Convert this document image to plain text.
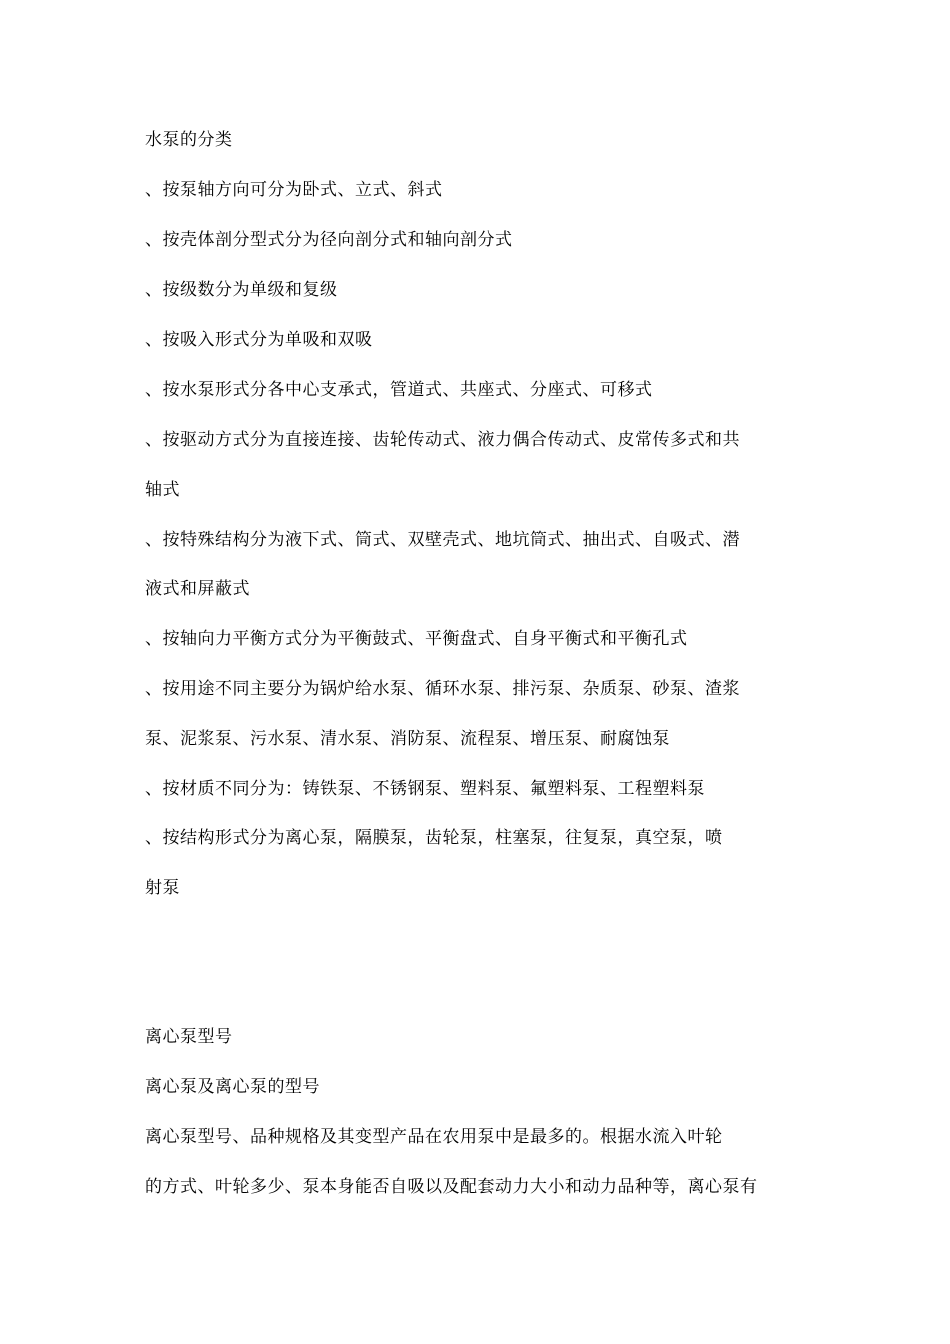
水泵的分类
、按泵轴方向可分为卧式、立式、斜式
、按壳体剖分型式分为径向剖分式和轴向剖分式
、按级数分为单级和复级
、按吸入形式分为单吸和双吸
、按水泵形式分各中心支承式，管道式、共座式、分座式、可移式
、按驱动方式分为直接连接、齿轮传动式、液力偶合传动式、皮常传多式和共
轴式
、按特殊结构分为液下式、筒式、双壁壳式、地坑筒式、抽出式、自吸式、潜
液式和屏蔽式
、按轴向力平衡方式分为平衡鼓式、平衡盘式、自身平衡式和平衡孔式
、按用途不同主要分为锅炉给水泵、循环水泵、排污泵、杂质泵、砂泵、渣浆
泵、泥浆泵、污水泵、清水泵、消防泵、流程泵、增压泵、耐腐蚀泵
、按材质不同分为：铸铁泵、不锈钢泵、塑料泵、氟塑料泵、工程塑料泵
、按结构形式分为离心泵，隔膜泵，齿轮泵，柱塞泵，往复泵，真空泵，喷
射泵
离心泵型号
离心泵及离心泵的型号
离心泵型号、品种规格及其变型产品在农用泵中是最多的。根据水流入叶轮
的方式、叶轮多少、泵本身能否自吸以及配套动力大小和动力品种等，离心泵有
